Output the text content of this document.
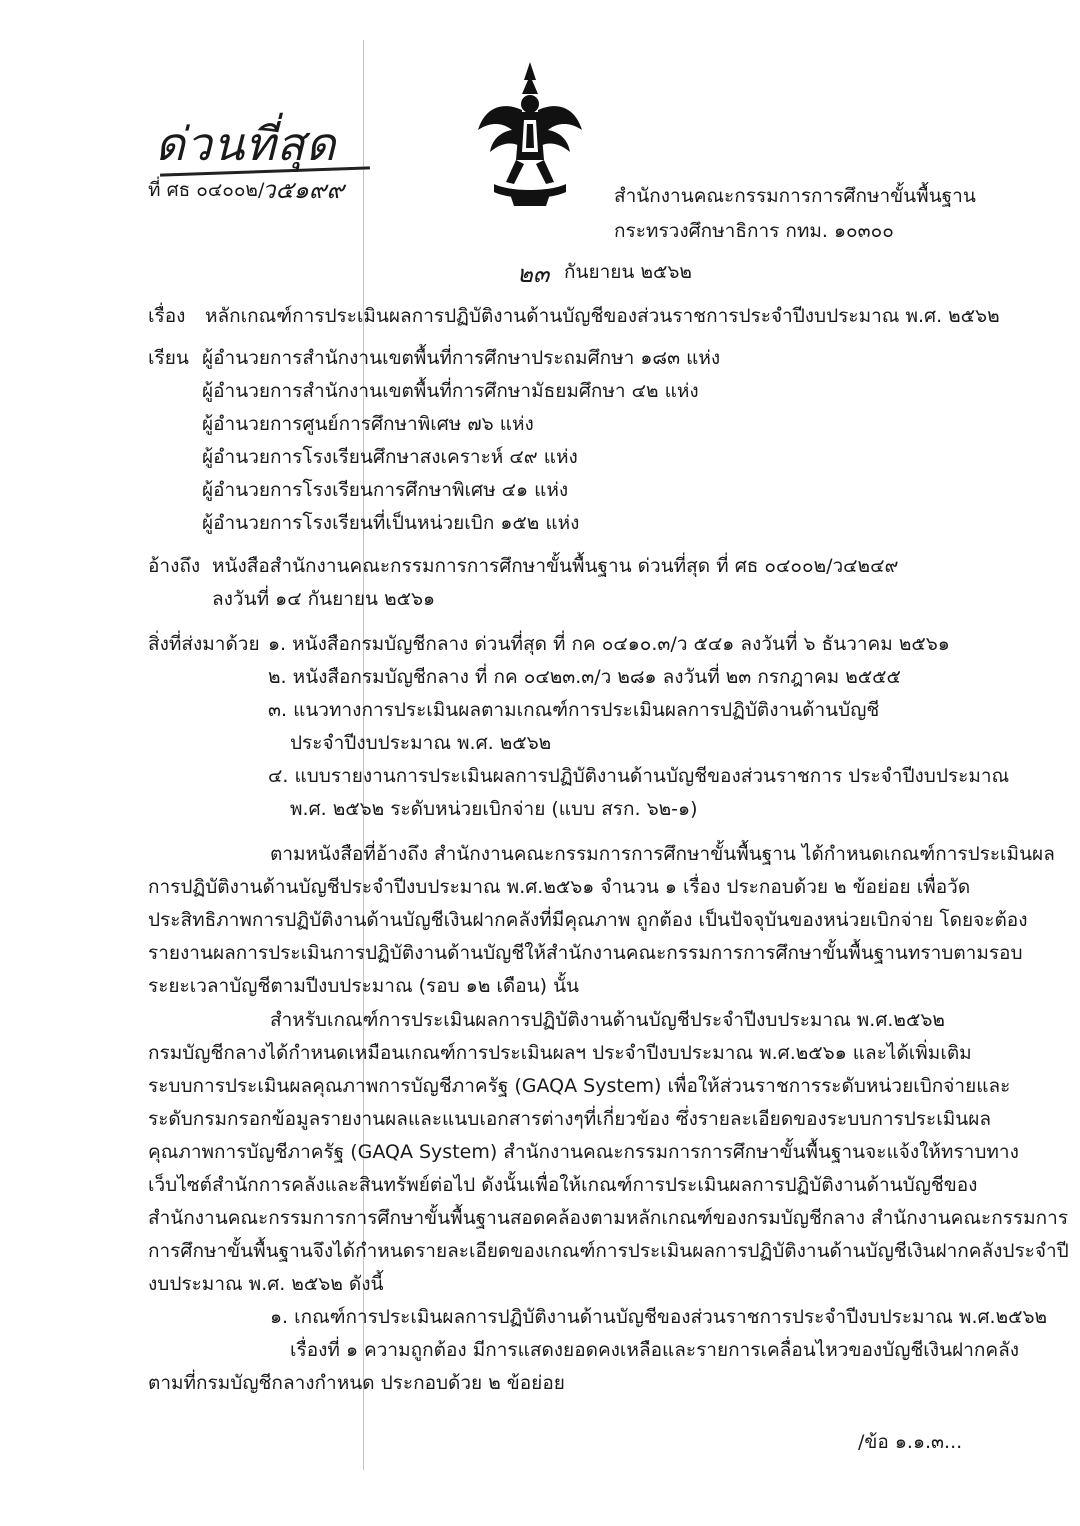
ด่วนที่สุด
ที่ ศธ ๐๔๐๐๒/
ว๕๑๙๙	สำนักงานคณะกรรมการการศึกษาขั้นพื้นฐาน
กระทรวงศึกษาธิการ กทม. ๑๐๓๐๐
๒๓ กันยายน ๒๕๖๒
เรื่อง หลักเกณฑ์การประเมินผลการปฏิบัติงานด้านบัญชีของส่วนราชการประจำปีงบประมาณ พ.ศ. ๒๕๖๒
เรียน ผู้อำนวยการสำนักงานเขตพื้นที่การศึกษาประถมศึกษา ๑๘๓ แห่ง
ผู้อำนวยการสำนักงานเขตพื้นที่การศึกษามัธยมศึกษา ๔๒ แห่ง
ผู้อำนวยการศูนย์การศึกษาพิเศษ ๗๖ แห่ง
ผู้อำนวยการโรงเรียนศึกษาสงเคราะห์ ๔๙ แห่ง
ผู้อำนวยการโรงเรียนการศึกษาพิเศษ ๔๑ แห่ง
ผู้อำนวยการโรงเรียนที่เป็นหน่วยเบิก ๑๕๒ แห่ง
อ้างถึง หนังสือสำนักงานคณะกรรมการการศึกษาขั้นพื้นฐาน ด่วนที่สุด ที่ ศธ ๐๔๐๐๒/ว๔๒๔๙
ลงวันที่ ๑๔ กันยายน ๒๕๖๑
สิ่งที่ส่งมาด้วย ๑. หนังสือกรมบัญชีกลาง ด่วนที่สุด ที่ กค ๐๔๑๐.๓/ว ๕๔๑ ลงวันที่ ๖ ธันวาคม ๒๕๖๑
๒. หนังสือกรมบัญชีกลาง ที่ กค ๐๔๒๓.๓/ว ๒๘๑ ลงวันที่ ๒๓ กรกฎาคม ๒๕๕๕
๓. แนวทางการประเมินผลตามเกณฑ์การประเมินผลการปฏิบัติงานด้านบัญชี
ประจำปีงบประมาณ พ.ศ. ๒๕๖๒
๔. แบบรายงานการประเมินผลการปฏิบัติงานด้านบัญชีของส่วนราชการ ประจำปีงบประมาณ
พ.ศ. ๒๕๖๒ ระดับหน่วยเบิกจ่าย (แบบ สรก. ๖๒-๑)
ตามหนังสือที่อ้างถึง สำนักงานคณะกรรมการการศึกษาขั้นพื้นฐาน ได้กำหนดเกณฑ์การประเมินผล
การปฏิบัติงานด้านบัญชีประจำปีงบประมาณ พ.ศ.๒๕๖๑ จำนวน ๑ เรื่อง ประกอบด้วย ๒ ข้อย่อย เพื่อวัด
ประสิทธิภาพการปฏิบัติงานด้านบัญชีเงินฝากคลังที่มีคุณภาพ ถูกต้อง เป็นปัจจุบันของหน่วยเบิกจ่าย โดยจะต้อง
รายงานผลการประเมินการปฏิบัติงานด้านบัญชีให้สำนักงานคณะกรรมการการศึกษาขั้นพื้นฐานทราบตามรอบ
ระยะเวลาบัญชีตามปีงบประมาณ (รอบ ๑๒ เดือน) นั้น
สำหรับเกณฑ์การประเมินผลการปฏิบัติงานด้านบัญชีประจำปีงบประมาณ พ.ศ.๒๕๖๒
กรมบัญชีกลางได้กำหนดเหมือนเกณฑ์การประเมินผลฯ ประจำปีงบประมาณ พ.ศ.๒๕๖๑ และได้เพิ่มเติม
ระบบการประเมินผลคุณภาพการบัญชีภาครัฐ (GAQA System) เพื่อให้ส่วนราชการระดับหน่วยเบิกจ่ายและ
ระดับกรมกรอกข้อมูลรายงานผลและแนบเอกสารต่างๆที่เกี่ยวข้อง ซึ่งรายละเอียดของระบบการประเมินผล
คุณภาพการบัญชีภาครัฐ (GAQA System) สำนักงานคณะกรรมการการศึกษาขั้นพื้นฐานจะแจ้งให้ทราบทาง
เว็บไซต์สำนักการคลังและสินทรัพย์ต่อไป ดังนั้นเพื่อให้เกณฑ์การประเมินผลการปฏิบัติงานด้านบัญชีของ
สำนักงานคณะกรรมการการศึกษาขั้นพื้นฐานสอดคล้องตามหลักเกณฑ์ของกรมบัญชีกลาง สำนักงานคณะกรรมการ
การศึกษาขั้นพื้นฐานจึงได้กำหนดรายละเอียดของเกณฑ์การประเมินผลการปฏิบัติงานด้านบัญชีเงินฝากคลังประจำปี
งบประมาณ พ.ศ. ๒๕๖๒ ดังนี้
๑. เกณฑ์การประเมินผลการปฏิบัติงานด้านบัญชีของส่วนราชการประจำปีงบประมาณ พ.ศ.๒๕๖๒
เรื่องที่ ๑ ความถูกต้อง มีการแสดงยอดคงเหลือและรายการเคลื่อนไหวของบัญชีเงินฝากคลัง
ตามที่กรมบัญชีกลางกำหนด ประกอบด้วย ๒ ข้อย่อย
/ข้อ ๑.๑.๓...
